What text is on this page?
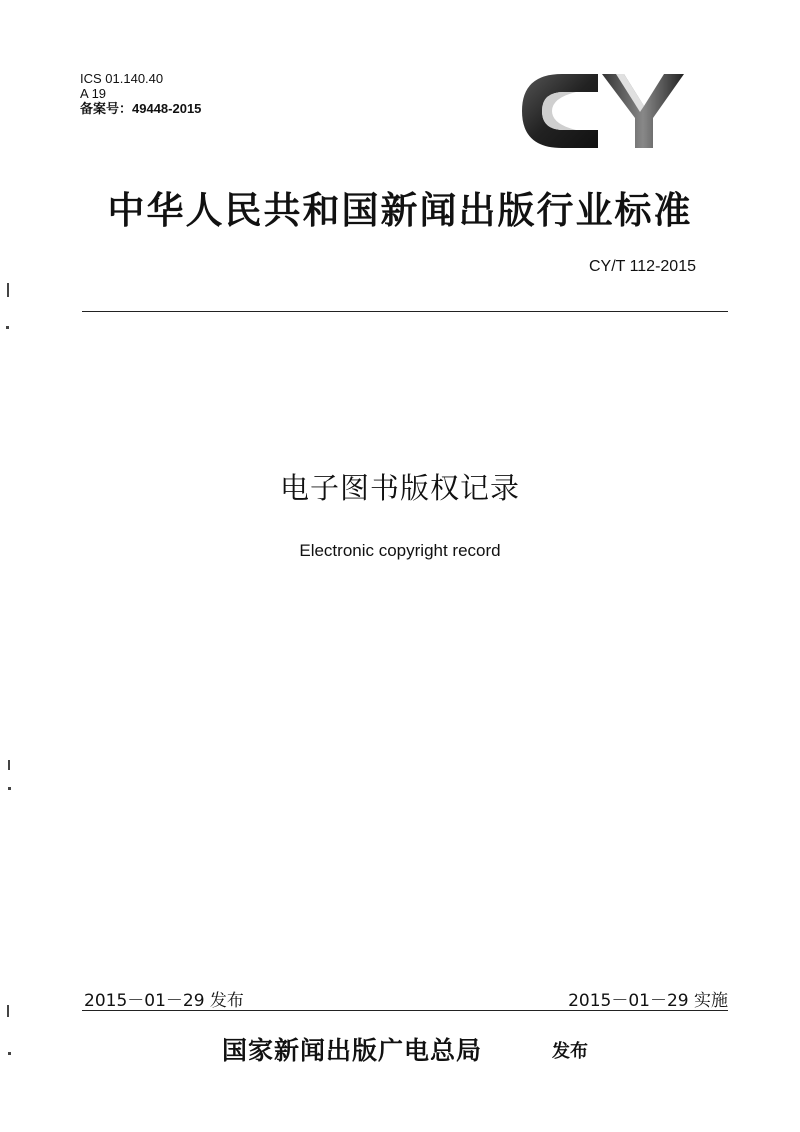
ICS 01.140.40
A 19
备案号：49448-2015
中华人民共和国新闻出版行业标准
CY/T 112-2015
电子图书版权记录
Electronic copyright record
2015－01－29 发布	2015－01－29 实施
国家新闻出版广电总局	发布
